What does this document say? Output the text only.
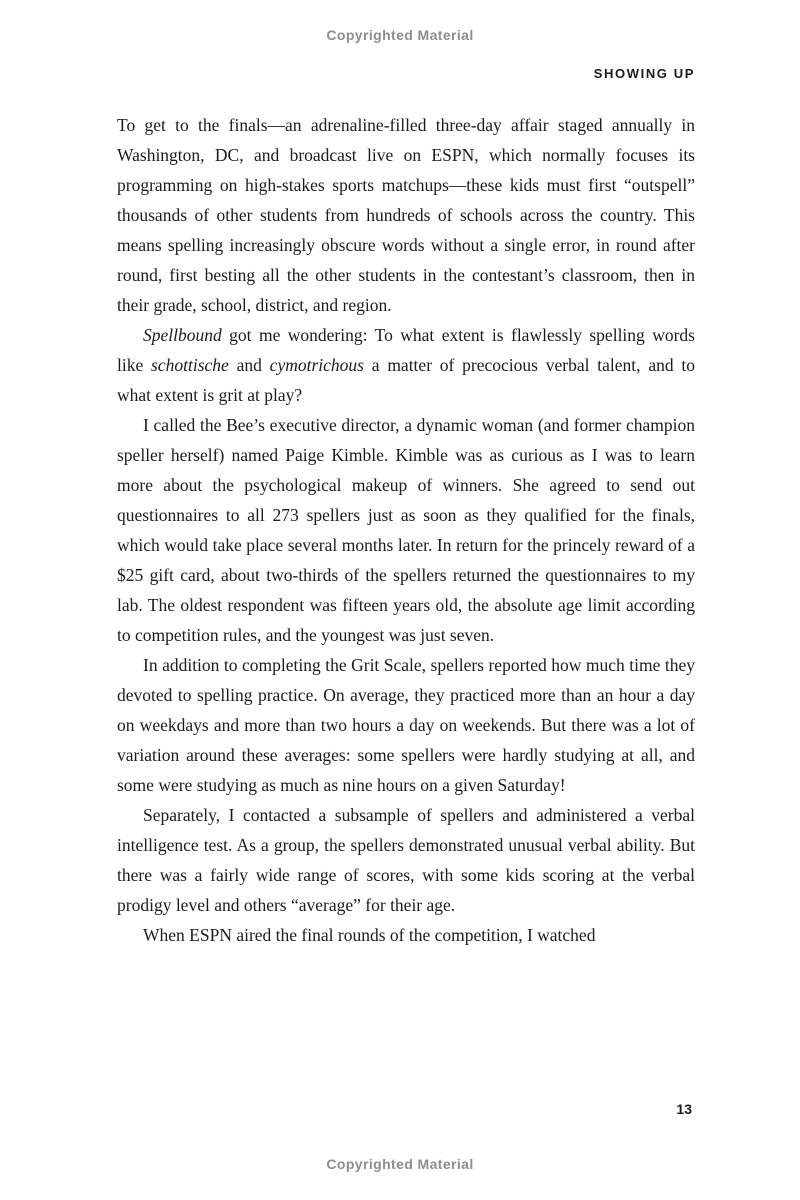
Copyrighted Material
SHOWING UP

To get to the finals—an adrenaline-filled three-day affair staged annually in Washington, DC, and broadcast live on ESPN, which normally focuses its programming on high-stakes sports matchups—these kids must first “outspell” thousands of other students from hundreds of schools across the country. This means spelling increasingly obscure words without a single error, in round after round, first besting all the other students in the contestant’s classroom, then in their grade, school, district, and region.

Spellbound got me wondering: To what extent is flawlessly spelling words like schottische and cymotrichous a matter of precocious verbal talent, and to what extent is grit at play?

I called the Bee’s executive director, a dynamic woman (and former champion speller herself) named Paige Kimble. Kimble was as curious as I was to learn more about the psychological makeup of winners. She agreed to send out questionnaires to all 273 spellers just as soon as they qualified for the finals, which would take place several months later. In return for the princely reward of a $25 gift card, about two-thirds of the spellers returned the questionnaires to my lab. The oldest respondent was fifteen years old, the absolute age limit according to competition rules, and the youngest was just seven.

In addition to completing the Grit Scale, spellers reported how much time they devoted to spelling practice. On average, they practiced more than an hour a day on weekdays and more than two hours a day on weekends. But there was a lot of variation around these averages: some spellers were hardly studying at all, and some were studying as much as nine hours on a given Saturday!

Separately, I contacted a subsample of spellers and administered a verbal intelligence test. As a group, the spellers demonstrated unusual verbal ability. But there was a fairly wide range of scores, with some kids scoring at the verbal prodigy level and others “average” for their age.

When ESPN aired the final rounds of the competition, I watched

13
Copyrighted Material
